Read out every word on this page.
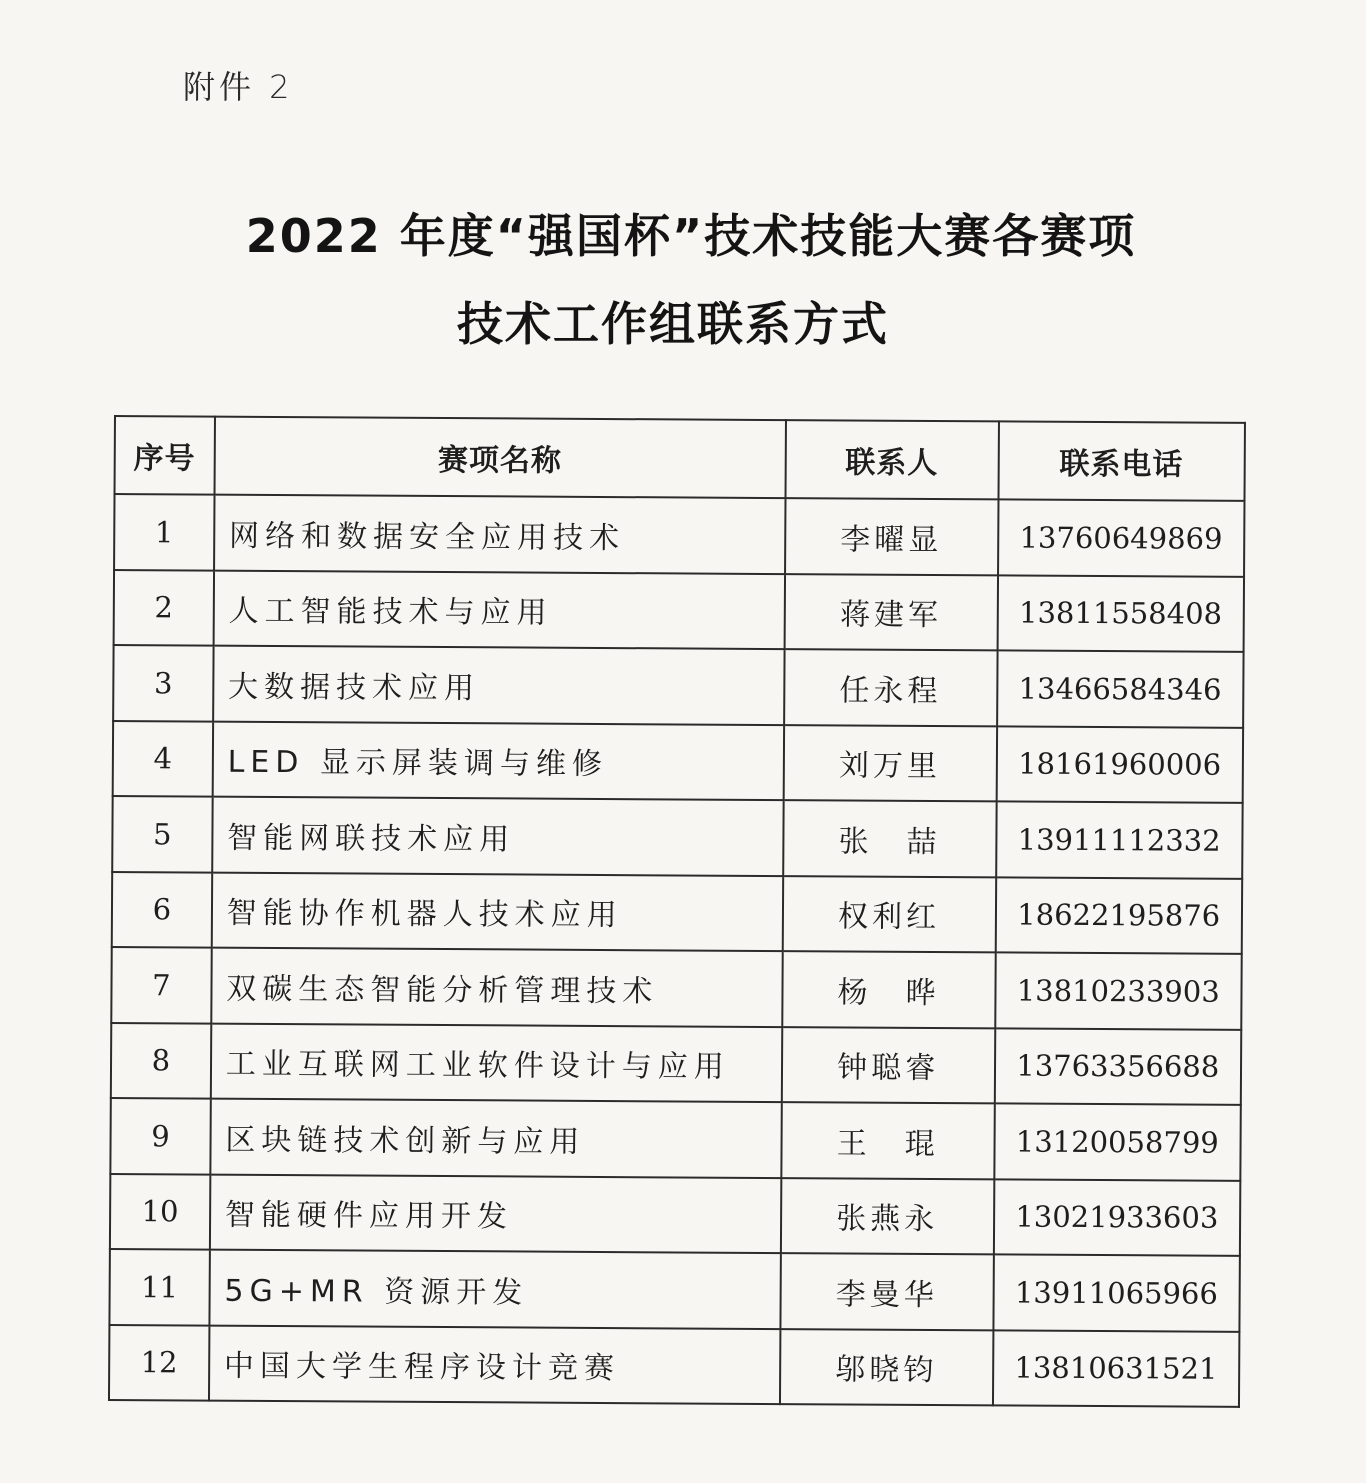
附件 2
2022 年度“强国杯”技术技能大赛各赛项
技术工作组联系方式
序号	赛项名称	联系人	联系电话
1	网络和数据安全应用技术	李曜显	13760649869
2	人工智能技术与应用	蒋建军	13811558408
3	大数据技术应用	任永程	13466584346
4	LED 显示屏装调与维修	刘万里	18161960006
5	智能网联技术应用	张　喆	13911112332
6	智能协作机器人技术应用	权利红	18622195876
7	双碳生态智能分析管理技术	杨　晔	13810233903
8	工业互联网工业软件设计与应用	钟聪睿	13763356688
9	区块链技术创新与应用	王　琨	13120058799
10	智能硬件应用开发	张燕永	13021933603
11	5G+MR 资源开发	李曼华	13911065966
12	中国大学生程序设计竞赛	邬晓钧	13810631521
